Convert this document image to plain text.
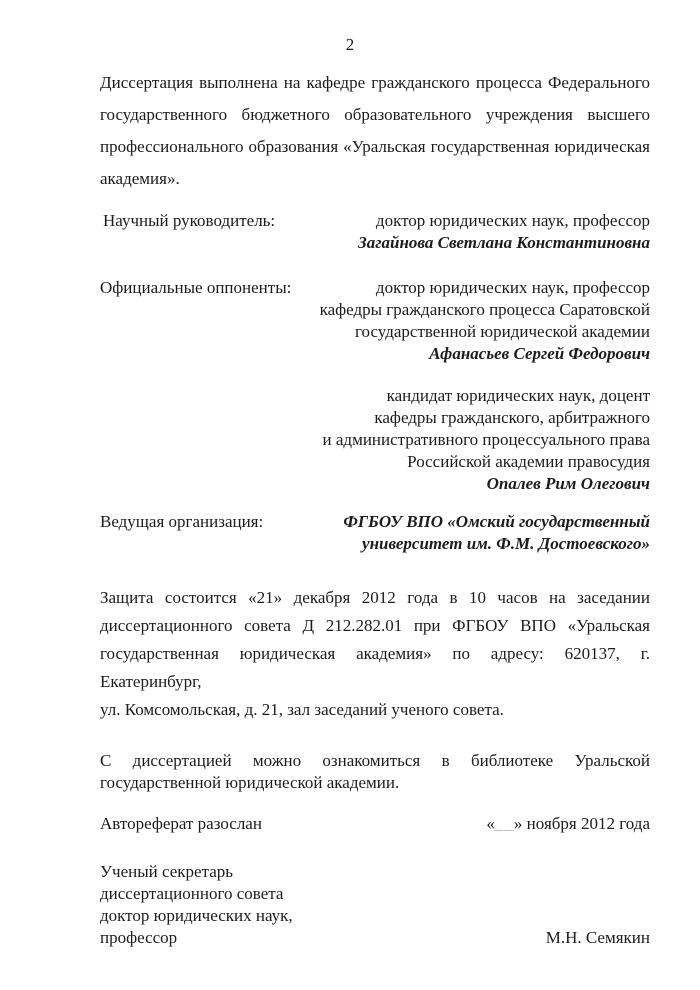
2
Диссертация выполнена на кафедре гражданского процесса Федерального
государственного бюджетного образовательного учреждения высшего
профессионального образования «Уральская государственная юридическая
академия».
Научный руководитель:	доктор юридических наук, профессор
Загайнова Светлана Константиновна
Официальные оппоненты:	доктор юридических наук, профессор
кафедры гражданского процесса Саратовской
государственной юридической академии
Афанасьев Сергей Федорович
кандидат юридических наук, доцент
кафедры гражданского, арбитражного
и административного процессуального права
Российской академии правосудия
Опалев Рим Олегович
Ведущая организация:	ФГБОУ ВПО «Омский государственный
университет им. Ф.М. Достоевского»
Защита состоится «21» декабря 2012 года в 10 часов на заседании
диссертационного совета Д 212.282.01 при ФГБОУ ВПО «Уральская
государственная юридическая академия» по адресу: 620137, г. Екатеринбург,
ул. Комсомольская, д. 21, зал заседаний ученого совета.
С диссертацией можно ознакомиться в библиотеке Уральской
государственной юридической академии.
Автореферат разослан	«__» ноября 2012 года
Ученый секретарь
диссертационного совета
доктор юридических наук,
профессор	М.Н. Семякин
